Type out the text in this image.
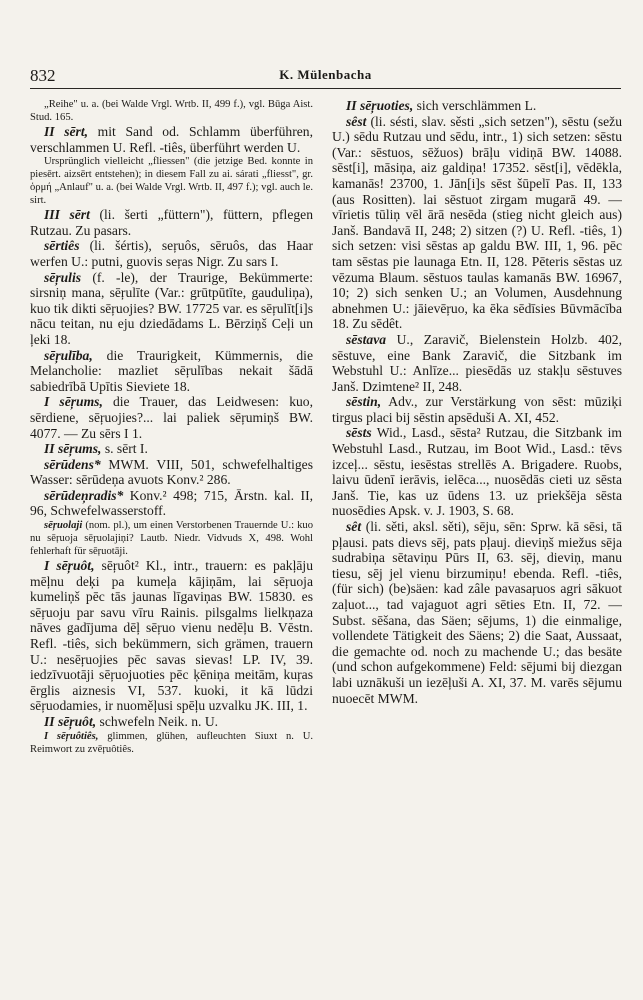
832	K. Mülenbacha

„Reihe" u. a. (bei Walde Vrgl. Wrtb. II, 499 f.), vgl. Būga Aist. Stud. 165.

II sērt, mit Sand od. Schlamm überführen, verschlammen U. Refl. -tiês, überführt werden U.

Ursprünglich vielleicht „fliessen" (die jetzige Bed. konnte in piesērt. aizsērt entstehen); in diesem Fall zu ai. sárati „fliesst", gr. ὁρμή „Anlauf" u. a. (bei Walde Vrgl. Wrtb. II, 497 f.); vgl. auch le. sirt.

III sērt (li. šerti „füttern"), füttern, pflegen Rutzau. Zu pasars.

sērtiês (li. šértis), seŗuôs, sēruôs, das Haar werfen U.: putni, guovis seŗas Nigr. Zu sars I.

sēŗulis (f. -le), der Traurige, Bekümmerte: sirsniņ mana, sēŗulīte (Var.: grūtpūtīte, gauduliņa), kuo tik dikti sēŗuojies? BW. 17725 var. es sēŗulīt[i]s nācu teitan, nu eju dziedādams L. Bērziņš Ceļi un ļeki 18.

sēŗulība, die Traurigkeit, Kümmernis, die Melancholie: mazliet sēŗulības nekait šādā sabiedrībā Upītis Sieviete 18.

I sēŗums, die Trauer, das Leidwesen: kuo, sērdiene, sēŗuojies?... lai paliek sēŗumiņš BW. 4077. — Zu sērs I 1.

II sēŗums, s. sērt I.

sērūdens* MWM. VIII, 501, schwefelhaltiges Wasser: sērūdeņa avuots Konv.² 286.

sērūdeņradis* Konv.² 498; 715, Ārstn. kal. II, 96, Schwefelwasserstoff.

sēŗuolaji (nom. pl.), um einen Verstorbenen Trauernde U.: kuo nu sēŗuoja sēŗuolajiņi? Lautb. Niedr. Vidvuds X, 498. Wohl fehlerhaft für sēŗuotāji.

I sēŗuôt, sēŗuôt² Kl., intr., trauern: es pakļāju mēļnu deķi pa kumeļa kājiņām, lai sēŗuoja kumeliņš pēc tās jaunas līgaviņas BW. 15830. es sēŗuoju par savu vīru Rainis. pilsgalms lielkņaza nāves gadījuma dēļ sēŗuo vienu nedēļu B. Vēstn. Refl. -tiês, sich bekümmern, sich grämen, trauern U.: nesēŗuojies pēc savas sievas! LP. IV, 39. iedzīvuotāji sēŗuojuoties pēc ķēniņa meitām, kuŗas ērglis aiznesis VI, 537. kuoki, it kā lūdzi sēŗuodamies, ir nuoměļusi spēļu uzvalku JK. III, 1.

II sēŗuôt, schwefeln Neik. n. U.

I sēŗuôtiês, glimmen, glühen, aufleuchten Siuxt n. U. Reimwort zu zvēŗuôtiês.

II sēŗuoties, sich verschlämmen L.

sêst (li. sésti, slav. sěsti „sich setzen"), sēstu (sežu U.) sēdu Rutzau und sēdu, intr., 1) sich setzen: sēstu (Var.: sēstuos, sēžuos) brāļu vidiņā BW. 14088. sēst[i], māsiņa, aiz galdiņa! 17352. sēst[i], vēdēkla, kamanās! 23700, 1. Jān[i]s sēst šūpelī Pas. II, 133 (aus Rositten). lai sēstuot zirgam mugarā 49. — vīrietis tūliņ vēl ārā nesēda (stieg nicht gleich aus) Janš. Bandavā II, 248; 2) sitzen (?) U. Refl. -tiês, 1) sich setzen: visi sēstas ap galdu BW. III, 1, 96. pēc tam sēstas pie launaga Etn. II, 128. Pēteris sēstas uz vēzuma Blaum. sēstuos taulas kamanās BW. 16967, 10; 2) sich senken U.; an Volumen, Ausdehnung abnehmen U.: jāievēŗuo, ka ēka sēdīsies Būvmācība 18. Zu sēdêt.

sēstava U., Zaravič, Bielenstein Holzb. 402, sēstuve, eine Bank Zaravič, die Sitzbank im Webstuhl U.: Anlīze... piesēdās uz stakļu sēstuves Janš. Dzimtene² II, 248.

sēstin, Adv., zur Verstärkung von sēst: mūziķi tirgus placi bij sēstin apsēduši A. XI, 452.

sēsts Wid., Lasd., sēsta² Rutzau, die Sitzbank im Webstuhl Lasd., Rutzau, im Boot Wid., Lasd.: tēvs izceļ... sēstu, iesēstas strellēs A. Brigadere. Ruobs, laivu ūdenī ierāvis, ielēca..., nuosēdās cieti uz sēsta Janš. Tie, kas uz ūdens 13. uz priekšēja sēsta nuosēdies Apsk. v. J. 1903, S. 68.

sêt (li. sěti, aksl. sěti), sēju, sēn: Sprw. kā sēsi, tā pļausi. pats dievs sēj, pats pļauj. dieviņš miežus sēja sudrabiņa sētaviņu Pūrs II, 63. sēj, dieviņ, manu tiesu, sēj jel vienu birzumiņu! ebenda. Refl. -tiês, (für sich) (be)säen: kad zâle pavasaŗuos agri sākuot zaļuot..., tad vajaguot agri sēties Etn. II, 72. — Subst. sēšana, das Säen; sējums, 1) die einmalige, vollendete Tätigkeit des Säens; 2) die Saat, Aussaat, die gemachte od. noch zu machende U.; das besäte (und schon aufgekommene) Feld: sējumi bij diezgan labi uznākuši un iezēļuši A. XI, 37. M. varēs sējumu nuoecēt MWM.
